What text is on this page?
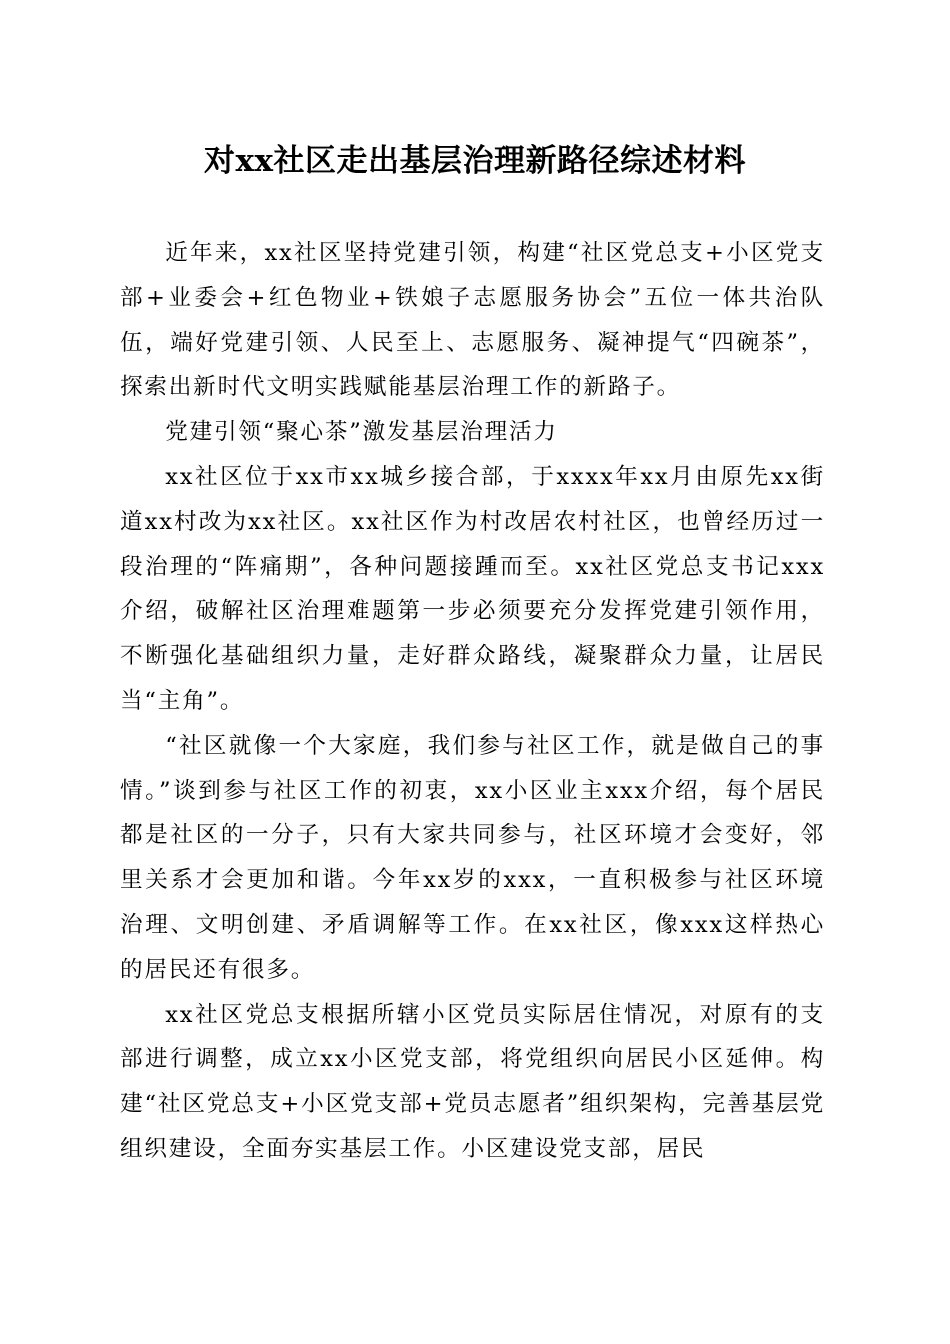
对xx社区走出基层治理新路径综述材料

近年来，xx社区坚持党建引领，构建“社区党总支+小区党支部+业委会+红色物业+铁娘子志愿服务协会”五位一体共治队伍，端好党建引领、人民至上、志愿服务、凝神提气“四碗茶”，探索出新时代文明实践赋能基层治理工作的新路子。

党建引领“聚心茶”激发基层治理活力

xx社区位于xx市xx城乡接合部，于xxxx年xx月由原先xx街道xx村改为xx社区。xx社区作为村改居农村社区，也曾经历过一段治理的“阵痛期”，各种问题接踵而至。xx社区党总支书记xxx介绍，破解社区治理难题第一步必须要充分发挥党建引领作用，不断强化基础组织力量，走好群众路线，凝聚群众力量，让居民当“主角”。

“社区就像一个大家庭，我们参与社区工作，就是做自己的事情。”谈到参与社区工作的初衷，xx小区业主xxx介绍，每个居民都是社区的一分子，只有大家共同参与，社区环境才会变好，邻里关系才会更加和谐。今年xx岁的xxx，一直积极参与社区环境治理、文明创建、矛盾调解等工作。在xx社区，像xxx这样热心的居民还有很多。

xx社区党总支根据所辖小区党员实际居住情况，对原有的支部进行调整，成立xx小区党支部，将党组织向居民小区延伸。构建“社区党总支+小区党支部+党员志愿者”组织架构，完善基层党组织建设，全面夯实基层工作。小区建设党支部，居民
